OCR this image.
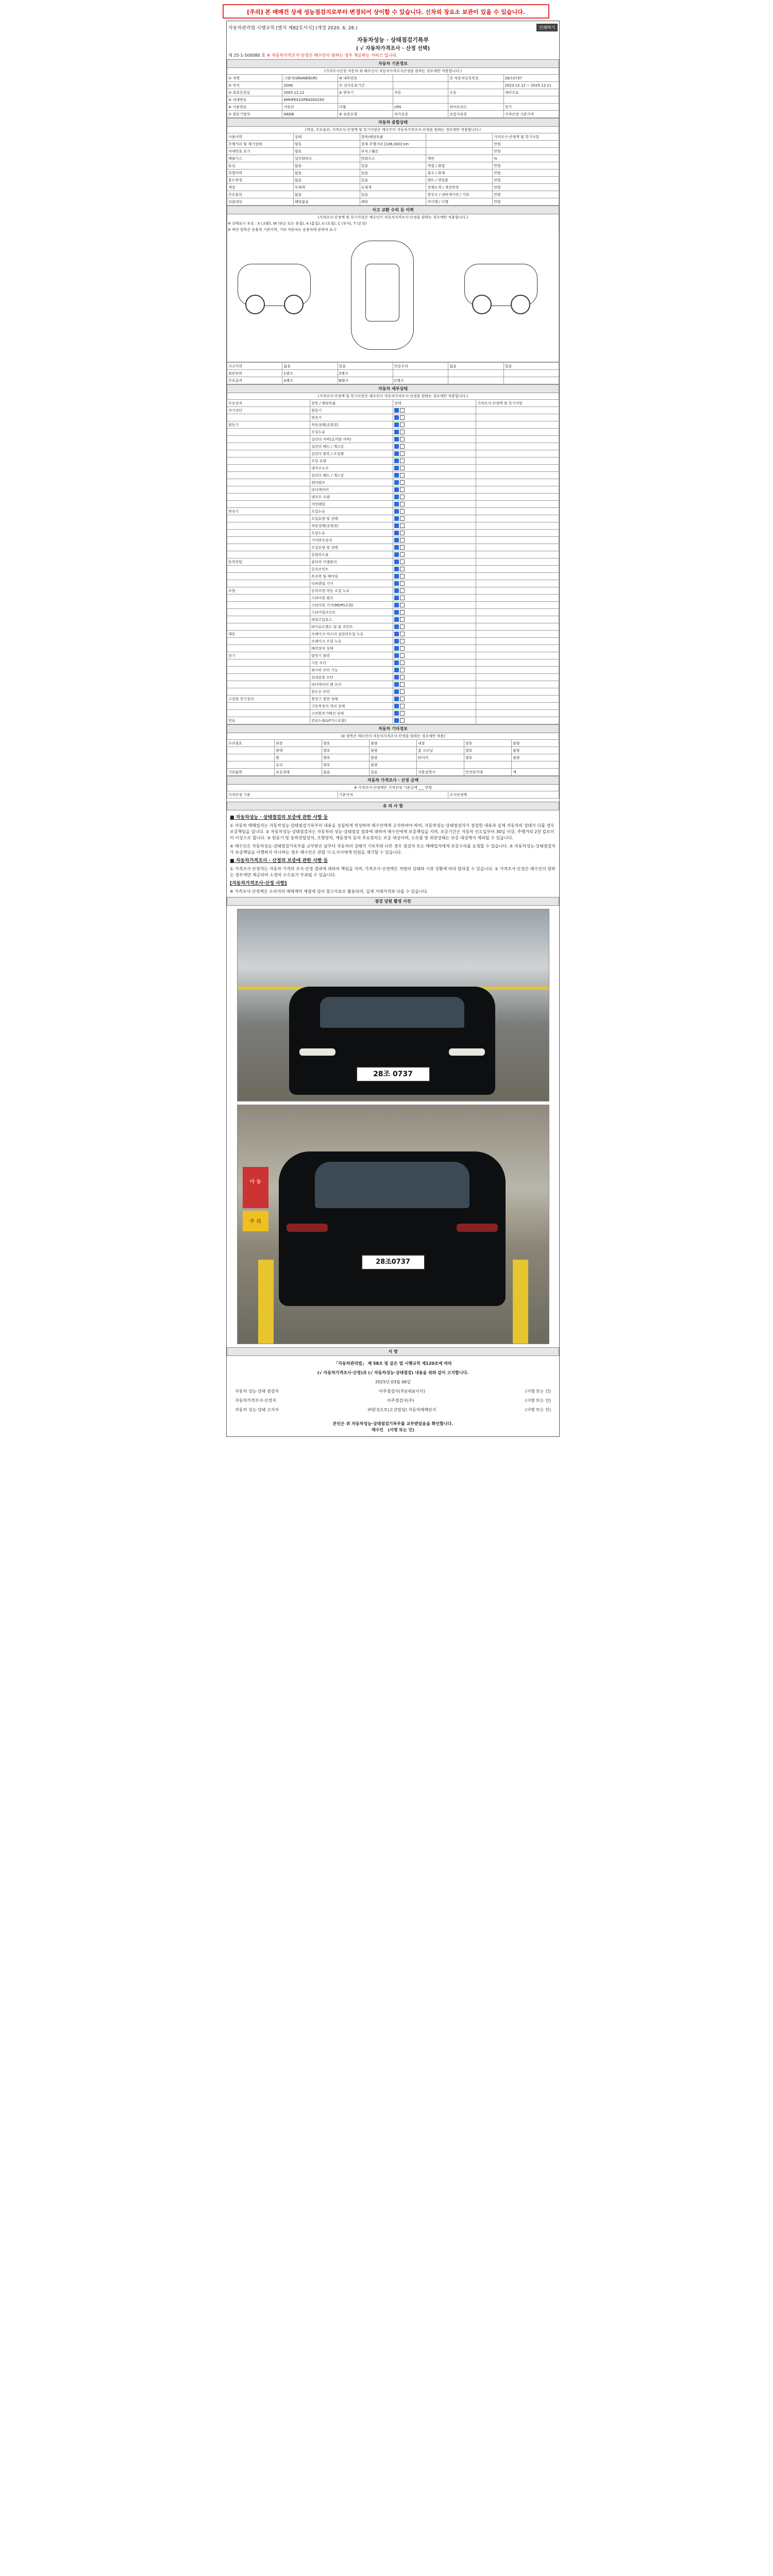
[주의] 본 매매건 상세 성능점검지로부터 변경되어 상이할 수 있습니다. 신차외 장요소 보관이 있을 수 있습니다.
자동차관리법 시행규칙 [별지 제82호서식] (개정 2020. 6. 26.)	인쇄하기
자동차성능 · 상태점검기록부
( √ 자동차가격조사 · 산정 선택)
제 25-1-500080 호 ※ 자동차가격조사·산정은 매수인이 원하는 경우 제공하는 서비스 입니다.
자동차 기본정보
(가격조사산정 자동차 외 배수인이 자동차가격조사산정을 원하는 경우에만 적용합니다.)
① 차명	그랜저(GRANDEUR)	⑩ 내부번호		⑪ 차동차등록번호	28조0737
② 연식	2006	⑫ 검사유효기간			2023.12.12 ~ 2025.12.11
③ 최초등록일	2005.12.12	④ 변속기	자동	수동	세미오토
⑤ 차대번호	KMHFE41DP6A000250				
⑥ 사용연료	가솔린	디젤	LPG	하이브리드	전기
⑦ 원동기형식	G6DB	⑨ 보증유형	자가보증	보험사보증	가격산정 기준가격
자동차 종합상태
(색상, 주요옵션, 가격조사·산정액 및 특기사항은 매수인이 자동차가격조사·산정을 원하는 경우에만 적용합니다.)
사용이력	상태	항목/해당부품		가격조사·산정액 및 특기사항
주행거리 및 계기상태	양호	현재 주행거리 [106,000] km		만원
차대번호 표기	양호	부식 / 훼손		만원
배출가스	일산화탄소	탄화수소	매연	%
튜닝	없음	있음	적법 / 불법	만원
특별이력	없음	있음	침수 / 화재	만원
용도변경	없음	있음	렌트 / 영업용	만원
색상	무채색	유채색	전체도색 / 색상변경	만원
주요옵션	없음	있음	썬루프 / 내비게이션 / 기타	만원
리콜대상	해당없음	해당	미이행 / 이행	만원
사고 교환 수리 등 이력
(가격조사·산정액 및 특기사항은 매수인이 자동차가격조사·산정을 원하는 경우에만 적용합니다.)
※ 상태표시 부호 : X (교환), W (판금 또는 용접), A (흠집), U (요철), C (부식), T (손상)
※ 하단 항목은 승용차 기준이며, 기타 자동차는 승용차에 준하여 표시
사고이력	없음	있음	단순수리	없음	있음
외판부위	1랭크	2랭크			
주요골격	A랭크	B랭크	C랭크		
자동차 세부상태
(가격조사·산정액 및 특기사항은 매수인이 자동차가격조사·산정을 원하는 경우에만 적용합니다.)
주요장치	항목 / 해당부품	상태	가격조사·산정액 및 특기사항
자기진단	원동기		
	변속기		
원동기	작동상태(공회전)		
	오일누유		
	실린더 커버(로커암 커버)		
	실린더 헤드 / 개스킷		
	실린더 블록 / 오일팬		
	오일 유량		
	냉각수누수		
	실린더 헤드 / 개스킷		
	워터펌프		
	라디에이터		
	냉각수 수량		
	커먼레일		
변속기	오일누유		
	오일유량 및 상태		
	작동상태(공회전)		
	오일누유		
	기어변속장치		
	오일유량 및 상태		
	공회전소음		
동력전달	클러치 어셈블리		
	등속조인트		
	추진축 및 베어링		
	디퍼렌셜 기어		
조향	동력조향 작동 오일 누유		
	스티어링 펌프		
	스티어링 기어(MDPS포함)		
	스티어링조인트		
	파워고압호스		
	타이로드엔드 및 볼 조인트		
제동	브레이크 마스터 실린더오일 누유		
	브레이크 오일 누유		
	배력장치 상태		
전기	발전기 출력		
	시동 모터		
	와이퍼 모터 기능		
	실내송풍 모터		
	라디에이터 팬 모터		
	윈도우 모터		
고전원 전기장치	충전구 절연 상태		
	구동축전지 격리 상태		
	고전원전기배선 상태		
연료	연료누출(LP가스포함)		
자동차 기타정보
(※ 항목은 매수인이 자동차가격조사·산정을 원하는 경우에만 적용)
수리필요	외장	양호	불량	내장	양호	불량
	광택	양호	불량	룸 크리닝	양호	불량
	휠	양호	불량	타이어	양호	불량
	유리	양호	불량			
기본품목	보유상태	없음	있음	사용설명서	안전삼각대	잭
자동차 가격조사 · 산정 금액
※ 가격조사·산정액은 가격산정 기준금액 ___ 만원
가격산정 기준	기준서적	조사산정액
유 의 사 항
■ 자동차성능 · 상태점검의 보증에 관한 사항 등
① 자동차 매매업자는 자동차성능·상태점검기록부의 내용을 성실하게 작성하여 매수인에게 고지하여야 하며, 자동차성능·상태점검자가 점검한 내용과 실제 자동차의 상태가 다를 경우 보증책임을 집니다. ② 자동차성능·상태점검자는 자동차의 성능·상태점검 결과에 대하여 매수인에게 보증책임을 지며, 보증기간은 자동차 인도일부터 30일 이상, 주행거리 2천 킬로미터 이상으로 합니다. ③ 원동기 및 동력전달장치, 조향장치, 제동장치 등의 주요장치는 보증 대상이며, 소모품 및 외관상태는 보증 대상에서 제외될 수 있습니다.
④ 매수인은 자동차성능·상태점검기록부를 교부받은 날부터 자동차의 상태가 기록부와 다른 경우 점검자 또는 매매업자에게 보증수리를 요청할 수 있습니다. ⑤ 자동차성능·상태점검자가 보증책임을 이행하지 아니하는 경우 매수인은 관할 시·도지사에게 민원을 제기할 수 있습니다.
■ 자동차가격조사 · 산정의 보증에 관한 사항 등
① 가격조사·산정자는 자동차 가격의 조사·산정 결과에 대하여 책임을 지며, 가격조사·산정액은 차량의 상태와 시장 상황에 따라 달라질 수 있습니다. ② 가격조사·산정은 매수인이 원하는 경우에만 제공되며 소정의 수수료가 부과될 수 있습니다.
[자동차가격조사·산정 사항]
※ 가격조사·산정액은 소비자의 매매계약 체결에 있어 참고자료로 활용되며, 실제 거래가격과 다를 수 있습니다.
점검 당원 촬영 사진
28조 0737
야 동
주 의
28조0737
서 명
「자동차관리법」 제 58조 및 같은 법 시행규칙 제120조에 따라
(√ 자동차가격조사·산정)과 (√ 자동차성능·상태점검) 내용을 위와 같이 고지합니다.
2025년 03월 06일
자동차 성능·상태 점검자	아주점검사(주)(대표이사)	(서명 또는 인)
자동차가격조사·산정자	아주점검사(주)	(서명 또는 인)
자동차 성능·상태 고지자	㈜한성오토(오선빌딩) 자동차매매단지	(서명 또는 인)
본인은 위 자동차성능·상태점검기록부를 교부받았음을 확인합니다.
매수인 (서명 또는 인)
